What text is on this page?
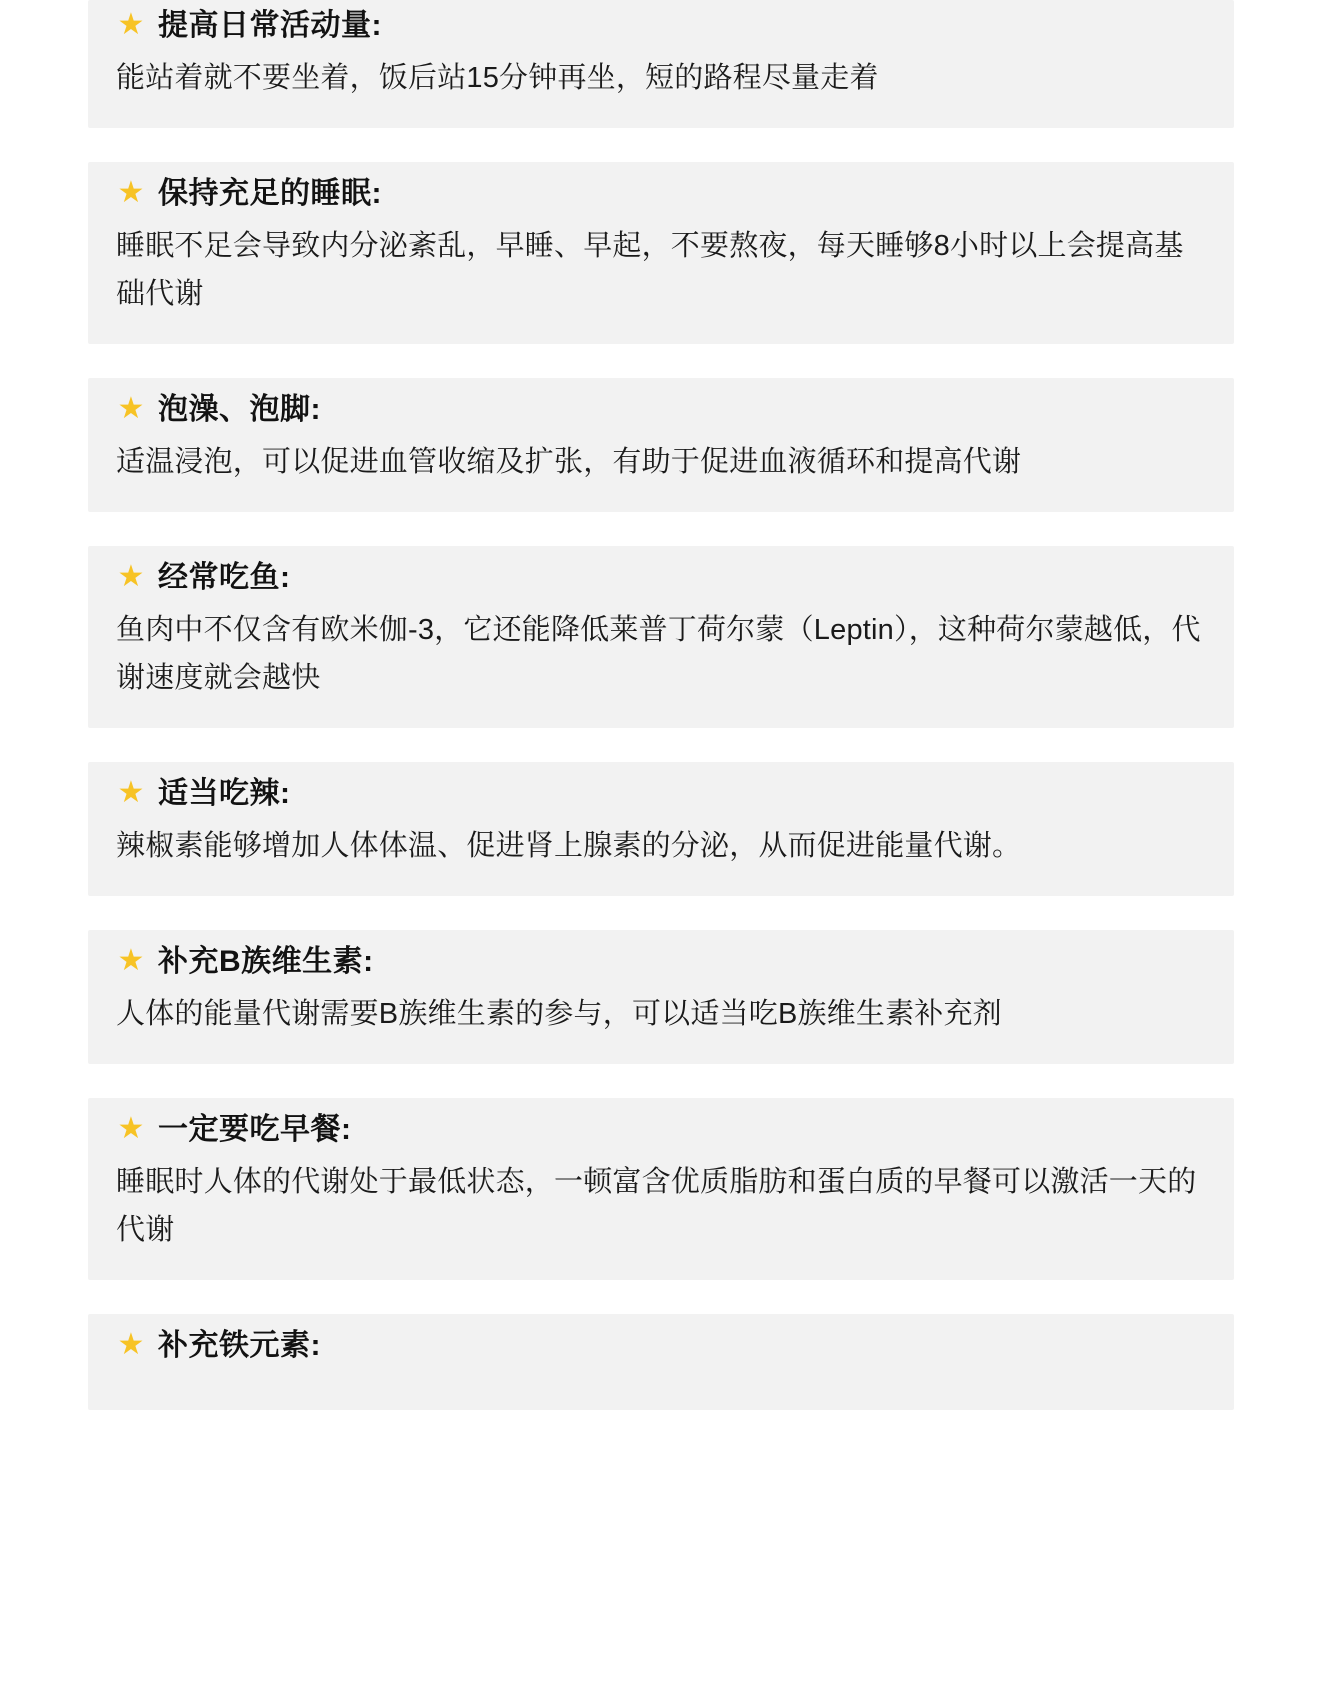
★ 提高日常活动量:
能站着就不要坐着，饭后站15分钟再坐，短的路程尽量走着
★ 保持充足的睡眠:
睡眠不足会导致内分泌紊乱，早睡、早起，不要熬夜，每天睡够8小时以上会提高基础代谢
★ 泡澡、泡脚:
适温浸泡，可以促进血管收缩及扩张，有助于促进血液循环和提高代谢
★ 经常吃鱼:
鱼肉中不仅含有欧米伽-3，它还能降低莱普丁荷尔蒙（Leptin），这种荷尔蒙越低，代谢速度就会越快
★ 适当吃辣:
辣椒素能够增加人体体温、促进肾上腺素的分泌，从而促进能量代谢。
★ 补充B族维生素:
人体的能量代谢需要B族维生素的参与，可以适当吃B族维生素补充剂
★ 一定要吃早餐:
睡眠时人体的代谢处于最低状态，一顿富含优质脂肪和蛋白质的早餐可以激活一天的代谢
★ 补充铁元素:
